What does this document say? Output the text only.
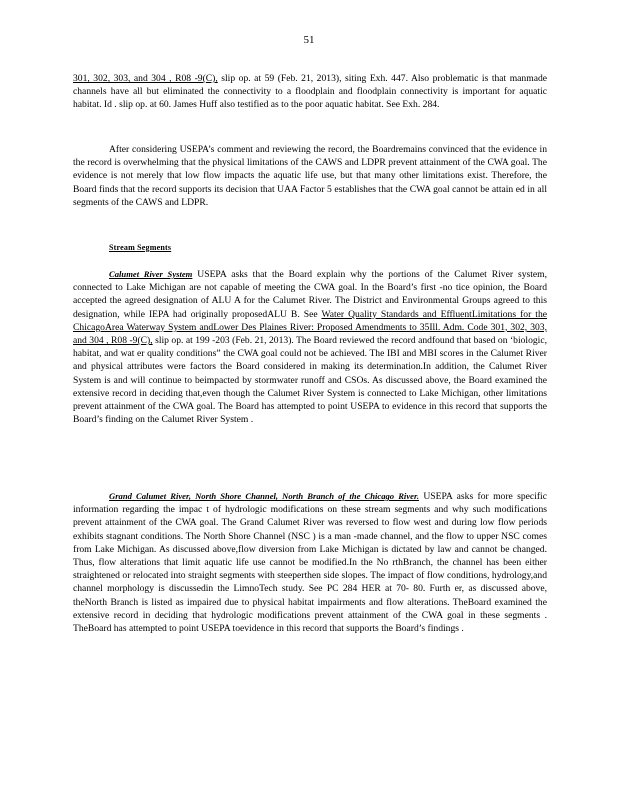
51

301, 302, 303, and 304 , R08 -9(C), slip op. at 59 (Feb. 21, 2013), siting Exh. 447. Also problematic is that manmade channels have all but eliminated the connectivity to a floodplain and floodplain connectivity is important for aquatic habitat. Id . slip op. at 60. James Huff also testified as to the poor aquatic habitat. See Exh. 284.

After considering USEPA’s comment and reviewing the record, the Boardremains convinced that the evidence in the record is overwhelming that the physical limitations of the CAWS and LDPR prevent attainment of the CWA goal. The evidence is not merely that low flow impacts the aquatic life use, but that many other limitations exist. Therefore, the Board finds that the record supports its decision that UAA Factor 5 establishes that the CWA goal cannot be attain ed in all segments of the CAWS and LDPR.

Stream Segments

Calumet River System USEPA asks that the Board explain why the portions of the Calumet River system, connected to Lake Michigan are not capable of meeting the CWA goal. In the Board’s first -no tice opinion, the Board accepted the agreed designation of ALU A for the Calumet River. The District and Environmental Groups agreed to this designation, while IEPA had originally proposedALU B. See Water Quality Standards and EffluentLimitations for the ChicagoArea Waterway System andLower Des Plaines River: Proposed Amendments to 35Ill. Adm. Code 301, 302, 303, and 304 , R08 -9(C), slip op. at 199 -203 (Feb. 21, 2013). The Board reviewed the record andfound that based on ‘biologic, habitat, and wat er quality conditions” the CWA goal could not be achieved. The IBI and MBI scores in the Calumet River and physical attributes were factors the Board considered in making its determination.In addition, the Calumet River System is and will continue to beimpacted by stormwater runoff and CSOs. As discussed above, the Board examined the extensive record in deciding that,even though the Calumet River System is connected to Lake Michigan, other limitations prevent attainment of the CWA goal. The Board has attempted to point USEPA to evidence in this record that supports the Board’s finding on the Calumet River System .

Grand Calumet River, North Shore Channel, North Branch of the Chicago River. USEPA asks for more specific information regarding the impac t of hydrologic modifications on these stream segments and why such modifications prevent attainment of the CWA goal. The Grand Calumet River was reversed to flow west and during low flow periods exhibits stagnant conditions. The North Shore Channel (NSC ) is a man -made channel, and the flow to upper NSC comes from Lake Michigan. As discussed above,flow diversion from Lake Michigan is dictated by law and cannot be changed. Thus, flow alterations that limit aquatic life use cannot be modified.In the No rthBranch, the channel has been either straightened or relocated into straight segments with steeperthen side slopes. The impact of flow conditions, hydrology,and channel morphology is discussedin the LimnoTech study. See PC 284 HER at 70- 80. Furth er, as discussed above, theNorth Branch is listed as impaired due to physical habitat impairments and flow alterations. TheBoard examined the extensive record in deciding that hydrologic modifications prevent attainment of the CWA goal in these segments . TheBoard has attempted to point USEPA toevidence in this record that supports the Board’s findings .
